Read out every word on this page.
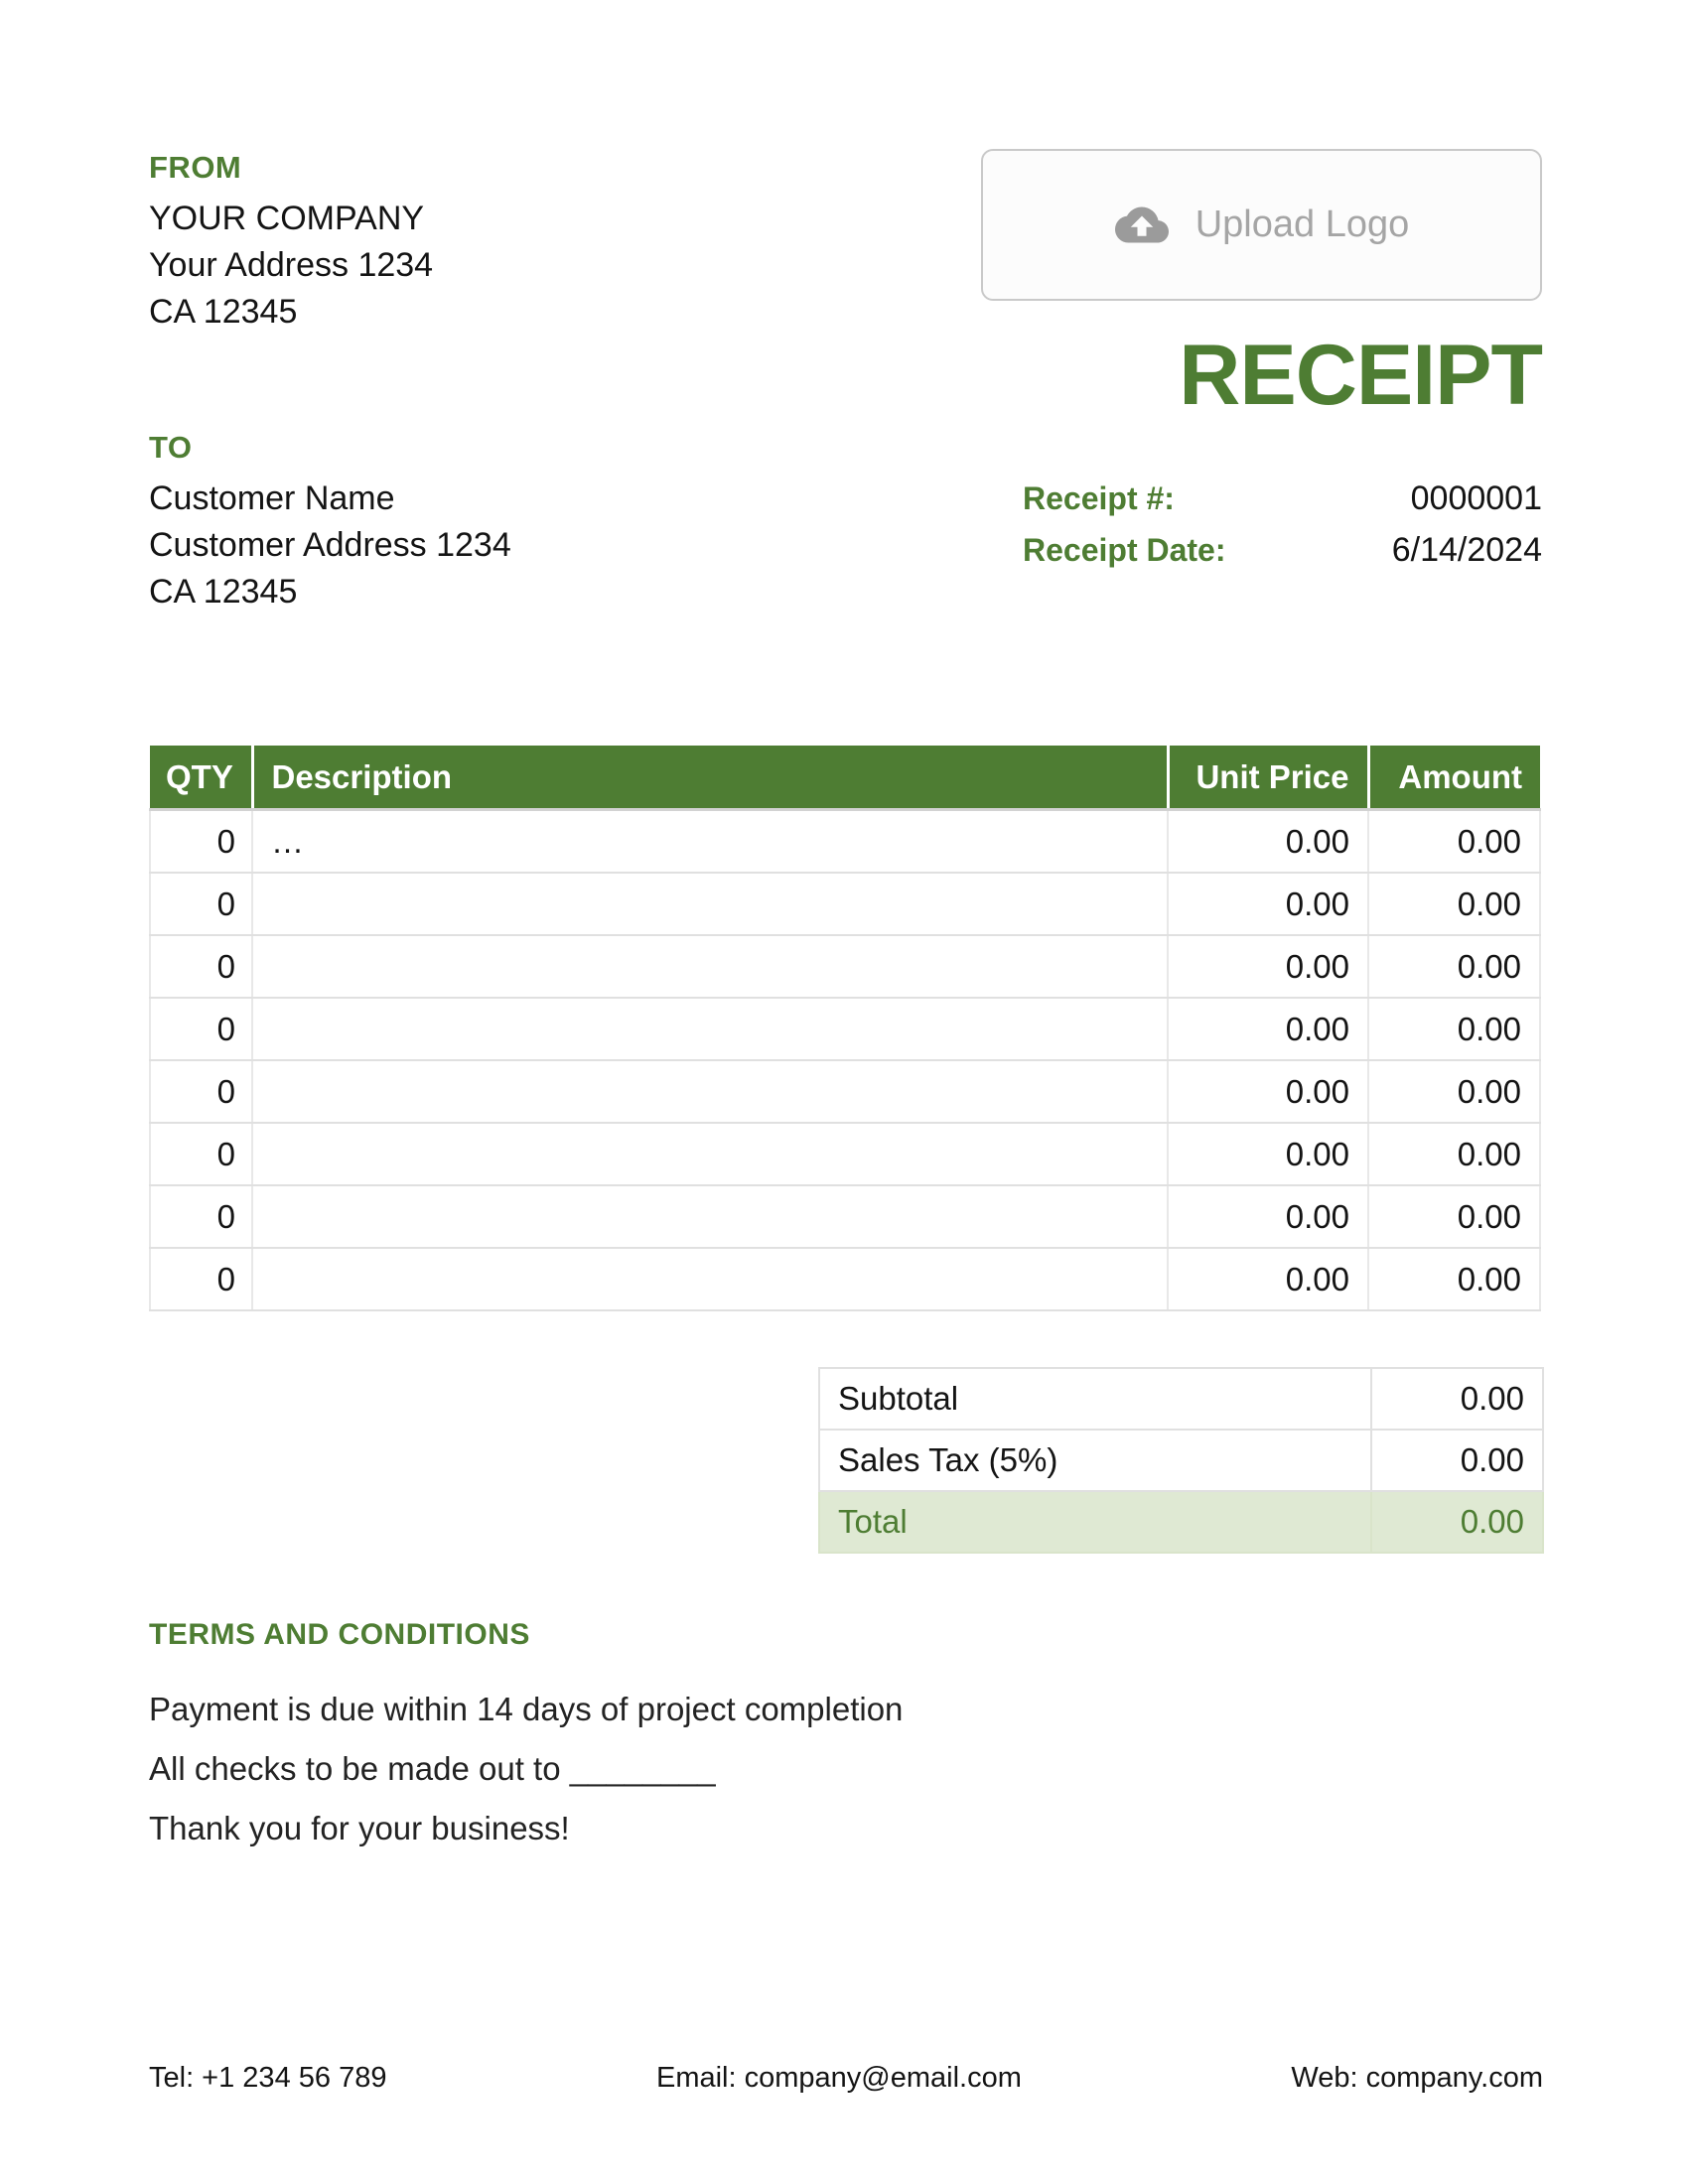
FROM
YOUR COMPANY
Your Address 1234
CA 12345
Upload Logo
RECEIPT
TO
Customer Name
Customer Address 1234
CA 12345
Receipt #:	0000001
Receipt Date:	6/14/2024
QTY	Description	Unit Price	Amount
0	…	0.00	0.00
0		0.00	0.00
0		0.00	0.00
0		0.00	0.00
0		0.00	0.00
0		0.00	0.00
0		0.00	0.00
0		0.00	0.00
Subtotal	0.00
Sales Tax (5%)	0.00
Total	0.00
TERMS AND CONDITIONS
Payment is due within 14 days of project completion
All checks to be made out to ________
Thank you for your business!
Tel: +1 234 56 789	Email: company@email.com	Web: company.com
